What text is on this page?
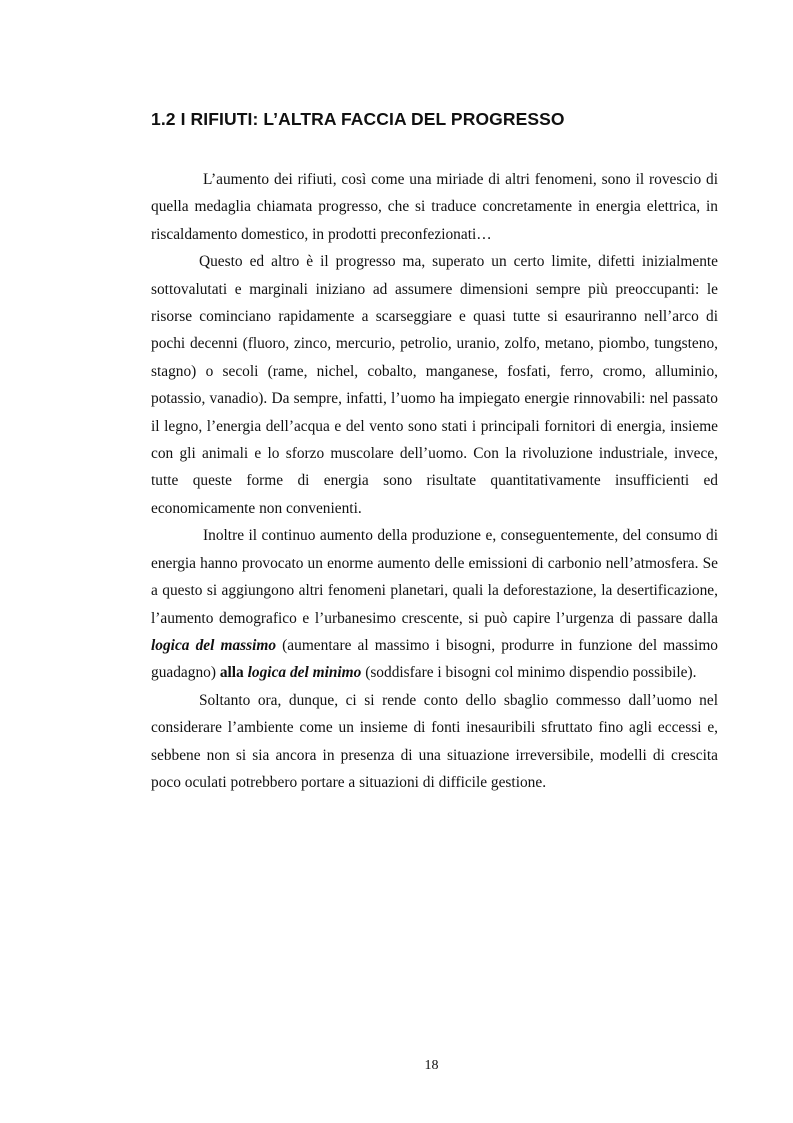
1.2 I RIFIUTI: L’ALTRA FACCIA DEL PROGRESSO

L’aumento dei rifiuti, così come una miriade di altri fenomeni, sono il rovescio di quella medaglia chiamata progresso, che si traduce concretamente in energia elettrica, in riscaldamento domestico, in prodotti preconfezionati…

Questo ed altro è il progresso ma, superato un certo limite, difetti inizialmente sottovalutati e marginali iniziano ad assumere dimensioni sempre più preoccupanti: le risorse cominciano rapidamente a scarseggiare e quasi tutte si esauriranno nell’arco di pochi decenni (fluoro, zinco, mercurio, petrolio, uranio, zolfo, metano, piombo, tungsteno, stagno) o secoli (rame, nichel, cobalto, manganese, fosfati, ferro, cromo, alluminio, potassio, vanadio). Da sempre, infatti, l’uomo ha impiegato energie rinnovabili: nel passato il legno, l’energia dell’acqua e del vento sono stati i principali fornitori di energia, insieme con gli animali e lo sforzo muscolare dell’uomo. Con la rivoluzione industriale, invece, tutte queste forme di energia sono risultate quantitativamente insufficienti ed economicamente non convenienti.

Inoltre il continuo aumento della produzione e, conseguentemente, del consumo di energia hanno provocato un enorme aumento delle emissioni di carbonio nell’atmosfera. Se a questo si aggiungono altri fenomeni planetari, quali la deforestazione, la desertificazione, l’aumento demografico e l’urbanesimo crescente, si può capire l’urgenza di passare dalla logica del massimo (aumentare al massimo i bisogni, produrre in funzione del massimo guadagno) alla logica del minimo (soddisfare i bisogni col minimo dispendio possibile).

Soltanto ora, dunque, ci si rende conto dello sbaglio commesso dall’uomo nel considerare l’ambiente come un insieme di fonti inesauribili sfruttato fino agli eccessi e, sebbene non si sia ancora in presenza di una situazione irreversibile, modelli di crescita poco oculati potrebbero portare a situazioni di difficile gestione.

18
